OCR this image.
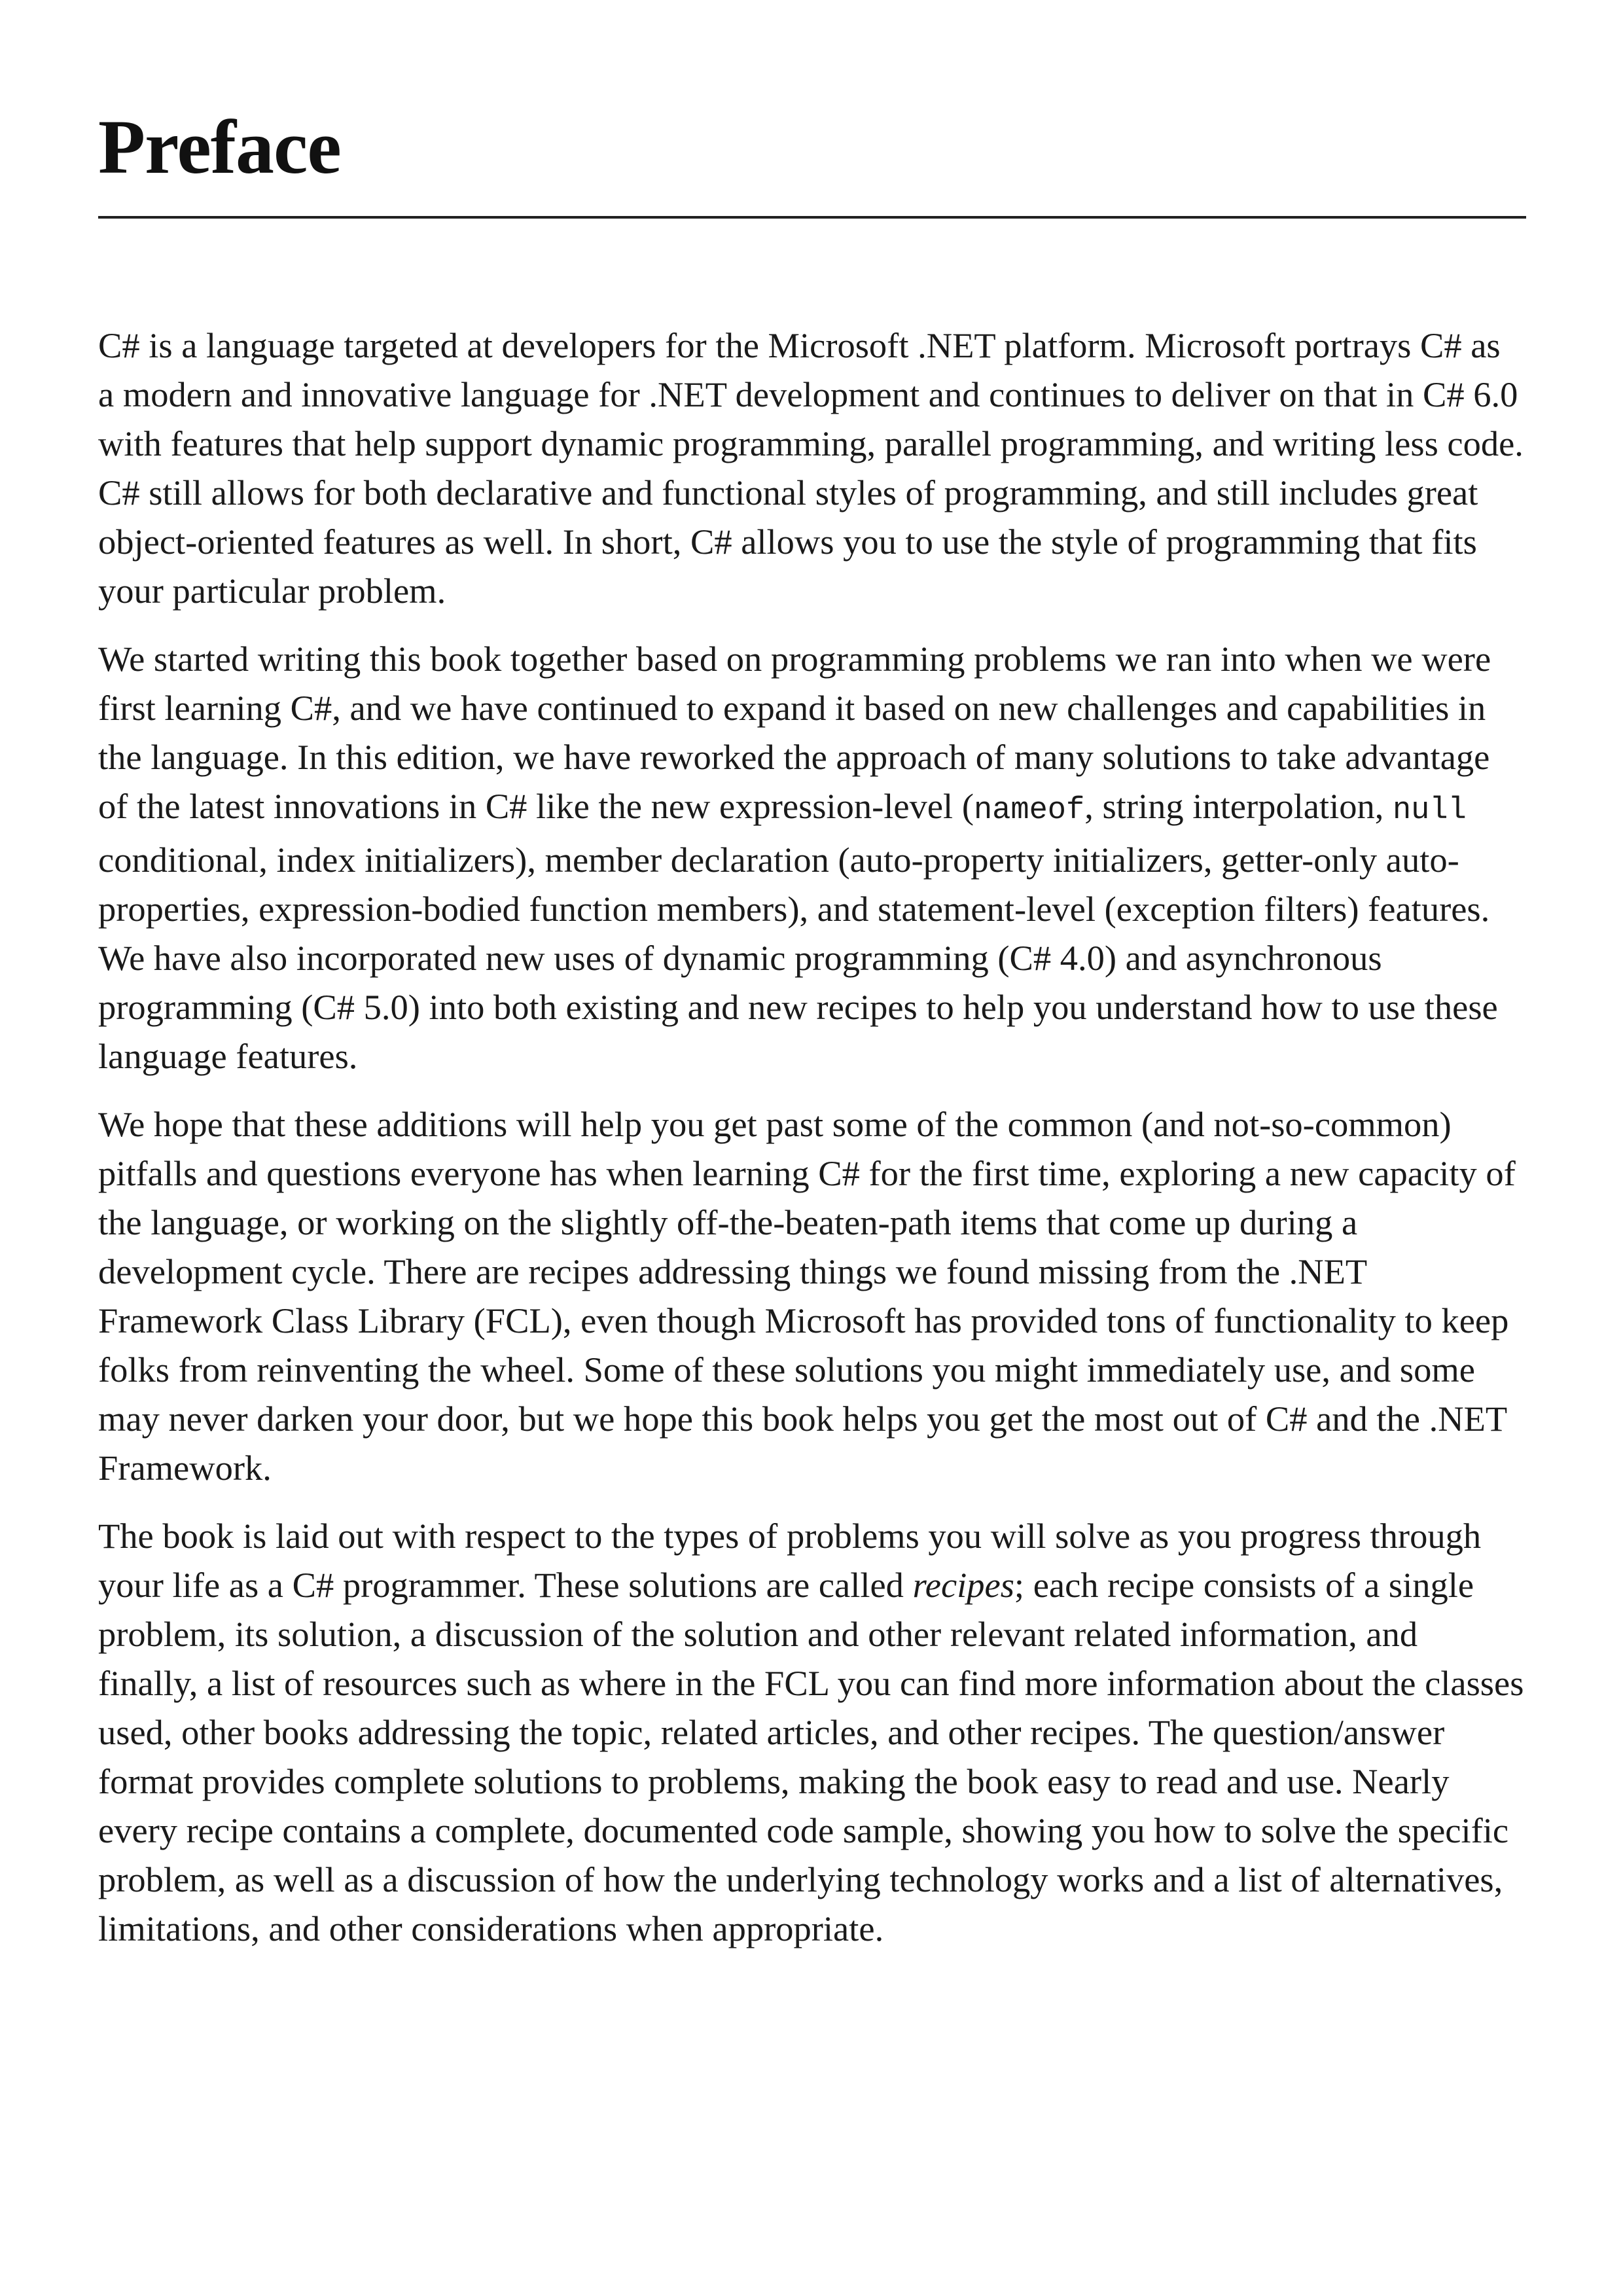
Preface

C# is a language targeted at developers for the Microsoft .NET platform. Microsoft portrays C# as a modern and innovative language for .NET development and continues to deliver on that in C# 6.0 with features that help support dynamic programming, parallel programming, and writing less code. C# still allows for both declarative and functional styles of programming, and still includes great object-oriented features as well. In short, C# allows you to use the style of programming that fits your particular problem.

We started writing this book together based on programming problems we ran into when we were first learning C#, and we have continued to expand it based on new challenges and capabilities in the language. In this edition, we have reworked the approach of many solutions to take advantage of the latest innovations in C# like the new expression-level (nameof, string interpolation, null conditional, index initializers), member declaration (auto-property initializers, getter-only auto-properties, expression-bodied function members), and statement-level (exception filters) features. We have also incorporated new uses of dynamic programming (C# 4.0) and asynchronous programming (C# 5.0) into both existing and new recipes to help you understand how to use these language features.

We hope that these additions will help you get past some of the common (and not-so-common) pitfalls and questions everyone has when learning C# for the first time, exploring a new capacity of the language, or working on the slightly off-the-beaten-path items that come up during a development cycle. There are recipes addressing things we found missing from the .NET Framework Class Library (FCL), even though Microsoft has provided tons of functionality to keep folks from reinventing the wheel. Some of these solutions you might immediately use, and some may never darken your door, but we hope this book helps you get the most out of C# and the .NET Framework.

The book is laid out with respect to the types of problems you will solve as you progress through your life as a C# programmer. These solutions are called recipes; each recipe consists of a single problem, its solution, a discussion of the solution and other relevant related information, and finally, a list of resources such as where in the FCL you can find more information about the classes used, other books addressing the topic, related articles, and other recipes. The question/answer format provides complete solutions to problems, making the book easy to read and use. Nearly every recipe contains a complete, documented code sample, showing you how to solve the specific problem, as well as a discussion of how the underlying technology works and a list of alternatives, limitations, and other considerations when appropriate.
